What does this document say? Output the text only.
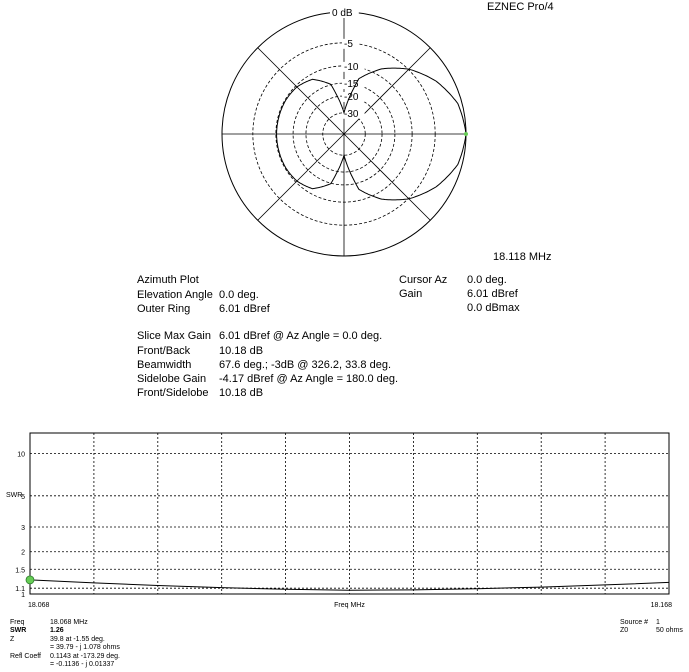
0 dB
-5
-10
-15
-20
-30
EZNEC Pro/4
18.118 MHz
Azimuth Plot
Elevation Angle 0.0 deg.
Outer Ring	6.01 dBref
Cursor Az 0.0 deg.
Gain	6.01 dBref
0.0 dBmax
Slice Max Gain 6.01 dBref @ Az Angle = 0.0 deg.
Front/Back	10.18 dB
Beamwidth	67.6 deg.; -3dB @ 326.2, 33.8 deg.
Sidelobe Gain -4.17 dBref @ Az Angle = 180.0 deg.
Front/Sidelobe 10.18 dB
10
5
3
2
1.5
1.1
1
SWR
Freq MHz
18.068	18.168
Freq	18.068 MHz
SWR	1.26
Z	39.8 at -1.55 deg.
= 39.79 - j 1.078 ohms
Refl Coeff 0.1143 at -173.29 deg.
= -0.1136 - j 0.01337
Source # 1
Z0	50 ohms
